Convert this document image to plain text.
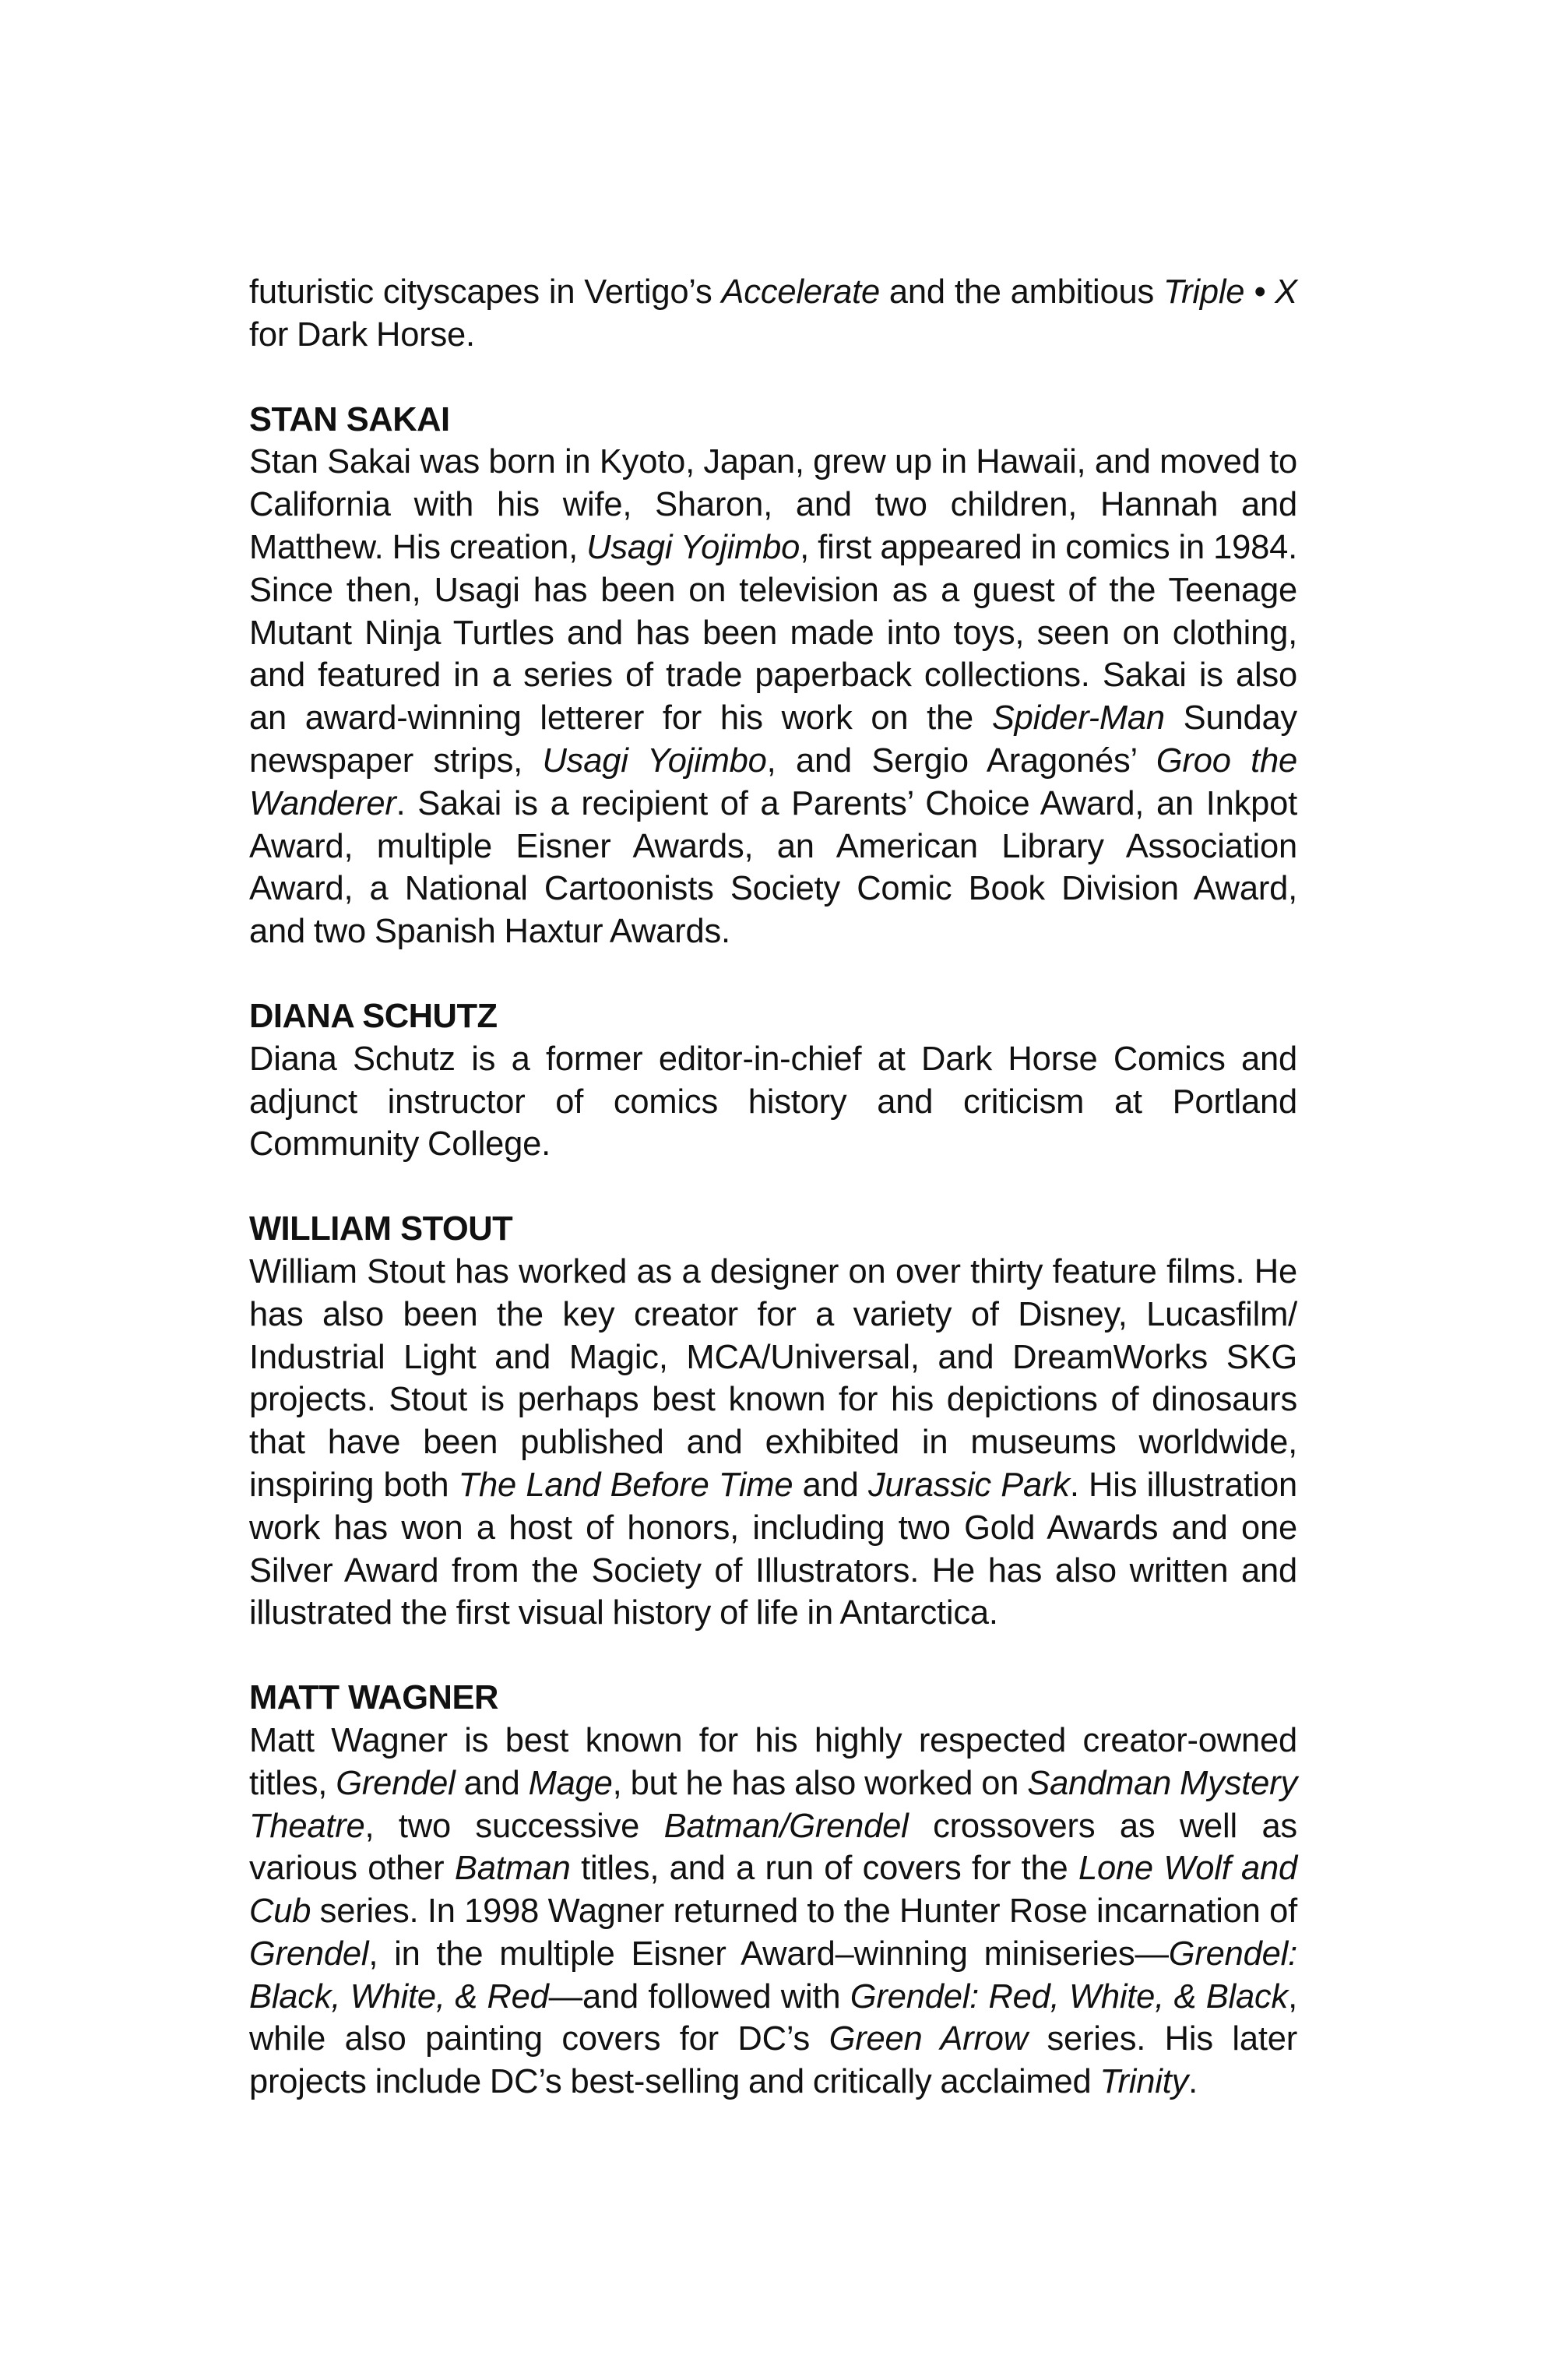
futuristic cityscapes in Vertigo’s Accelerate and the ambitious Triple • X for Dark Horse.

STAN SAKAI

Stan Sakai was born in Kyoto, Japan, grew up in Hawaii, and moved to California with his wife, Sharon, and two children, Hannah and Matthew. His creation, Usagi Yojimbo, first appeared in comics in 1984. Since then, Usagi has been on television as a guest of the Teenage Mutant Ninja Turtles and has been made into toys, seen on clothing, and featured in a series of trade paperback collections. Sakai is also an award-winning letterer for his work on the Spider-Man Sunday newspaper strips, Usagi Yojimbo, and Sergio Aragonés’ Groo the Wanderer. Sakai is a recipient of a Parents’ Choice Award, an Inkpot Award, multiple Eisner Awards, an American Library Association Award, a National Cartoonists Society Comic Book Division Award, and two Spanish Haxtur Awards.

DIANA SCHUTZ

Diana Schutz is a former editor-in-chief at Dark Horse Comics and adjunct instructor of comics history and criticism at Portland Community College.

WILLIAM STOUT

William Stout has worked as a designer on over thirty feature films. He has also been the key creator for a variety of Disney, Lucasfilm/ Industrial Light and Magic, MCA/Universal, and DreamWorks SKG projects. Stout is perhaps best known for his depictions of dinosaurs that have been published and exhibited in museums worldwide, inspiring both The Land Before Time and Jurassic Park. His illustration work has won a host of honors, including two Gold Awards and one Silver Award from the Society of Illustrators. He has also written and illustrated the first visual history of life in Antarctica.

MATT WAGNER

Matt Wagner is best known for his highly respected creator-owned titles, Grendel and Mage, but he has also worked on Sandman Mystery Theatre, two successive Batman/Grendel crossovers as well as various other Batman titles, and a run of covers for the Lone Wolf and Cub series. In 1998 Wagner returned to the Hunter Rose incarnation of Grendel, in the multiple Eisner Award–winning miniseries—Grendel: Black, White, & Red—and followed with Grendel: Red, White, & Black, while also painting covers for DC’s Green Arrow series. His later projects include DC’s best-selling and critically acclaimed Trinity.
